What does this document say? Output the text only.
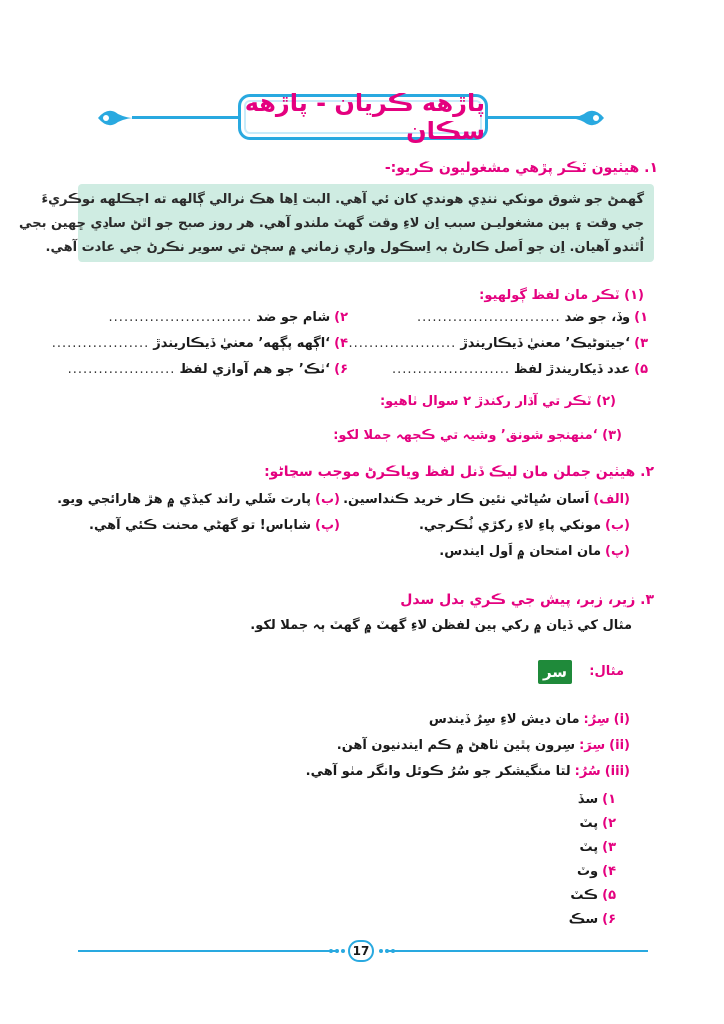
پاڙهه ڪريان - پاڙهه سڪان
۱. هيٺيون ٽڪر پڙهي مشغوليون ڪريو:-

گهمڻ جو شوق مونکي ننڍي هوندي کان ئي آهي. البت اِها هڪ نرالي ڳالهه ته اڄڪلهه نوڪريءَ

جي وقت ۽ ٻين مشغوليـن سبب اِن لاءِ وقت گهٽ ملندو آهي. هر روز صبح جو اٿڻ ساڍي ڇهين بجي

اُٿندو آهيان. اِن جو اَصل ڪارڻ بہ اِسڪول واري زماني ۾ سڄڻ تي سوير نڪرڻ جي عادت آهي.

(۱) ٽڪر مان لفظ ڳولهيو:
۱)
وڏ، جو ضد
............................
۳)
‘جيتوڻيڪ’ معنيٰ ڏيڪاريندڙ
.....................
۵)
عدد ڏيکاريندڙ لفظ
.......................
۲)
شام جو ضد
............................
۴)
‘اڳهه پڳهه’ معنيٰ ڏيڪاريندڙ
...................
۶)
‘ٺڪ’ جو هم آوازي لفظ
.....................
(۲) ٽڪر تي آڌار رکندڙ ۲ سوال ٺاهيو:
(۳) ‘منهنجو شونق’ وشيہ تي ڪجهہ جملا لکو:
۲. هيٺين جملن مان ليڪ ڏنل لفظ وياڪرڻ موجب سڃاڻو:
(الف)
اَسان سُڀاڻي نئين ڪار خريد ڪنداسين.
(ب)
پارت شَلي راند کيڏي ۾ هڙ هارائجي ويو.
(ب)
مونکي پاءِ لاءِ رکڙي ٺُڪرجي.
(پ)
شاباس! تو گهڻي محنت ڪئي آهي.
(پ)
مان امتحان ۾ اَول ايندس.
۳. زير، زبر، پيش جي ڪري بدل سدل
مثال کي ڏيان ۾ رکي ٻين لفظن لاءِ گهٽ ۾ گهٽ ٻہ جملا لکو.
مثال:
سر
(i)
سِرُ:
مان ديش لاءِ سِرُ ڏيندس
(ii)
سِرَ:
سِرون پٿين ٺاهڻ ۾ ڪم ايندنيون آهن.
(iii)
سُرُ:
لتا منگيشکر جو سُرُ ڪوئل وانگر مٺو آهي.
۱)
سڏ
۲)
پٽ
۳)
پٽ
۴)
وٽ
۵)
ڪٽ
۶)
سڪ
17
